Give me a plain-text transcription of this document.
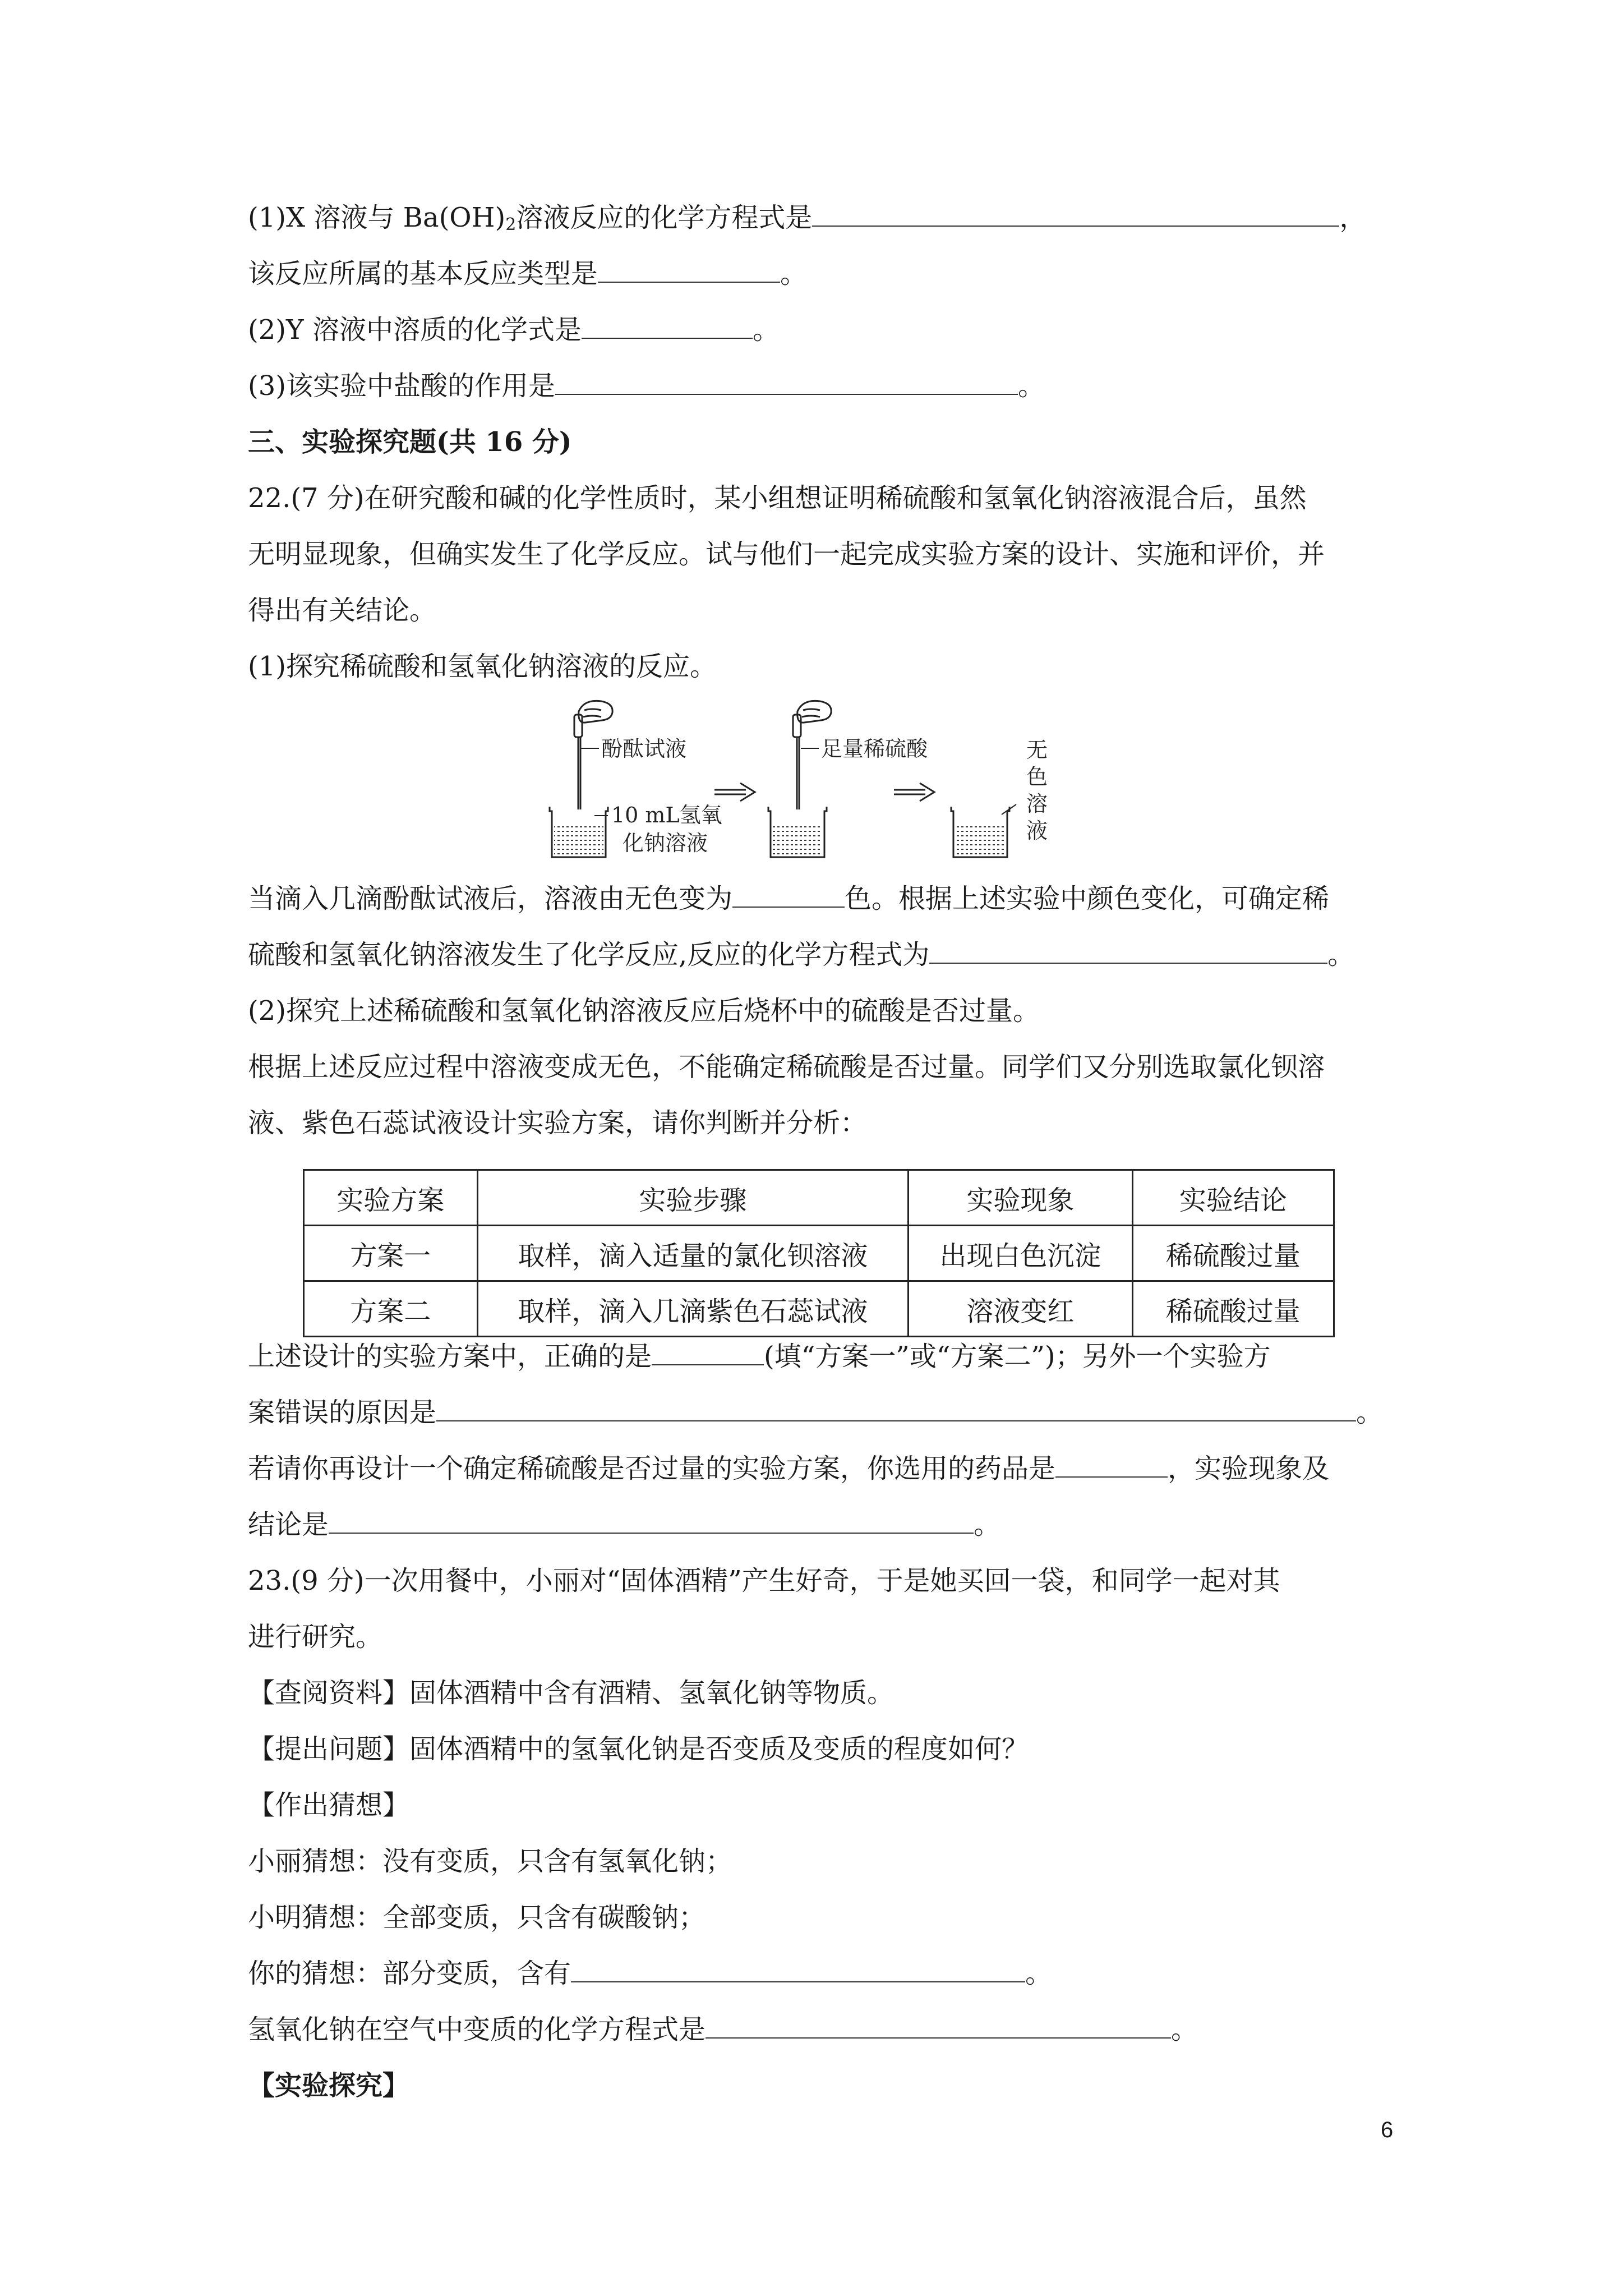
(1)X 溶液与 $Ba(OH)_2$溶液反应的化学方程式是	，
该反应所属的基本反应类型是	。
(2)Y 溶液中溶质的化学式是	。
(3)该实验中盐酸的作用是	。
三、实验探究题(共 16 分)
22.(7 分)在研究酸和碱的化学性质时，某小组想证明稀硫酸和氢氧化钠溶液混合后，虽然
无明显现象，但确实发生了化学反应。试与他们一起完成实验方案的设计、实施和评价，并
得出有关结论。
(1)探究稀硫酸和氢氧化钠溶液的反应。
酚酞试液
10 mL氢氧
化钠溶液
足量稀硫酸	无
色
溶
液
当滴入几滴酚酞试液后，溶液由无色变为	色。根据上述实验中颜色变化，可确定稀
硫酸和氢氧化钠溶液发生了化学反应,反应的化学方程式为	。
(2)探究上述稀硫酸和氢氧化钠溶液反应后烧杯中的硫酸是否过量。
根据上述反应过程中溶液变成无色，不能确定稀硫酸是否过量。同学们又分别选取氯化钡溶
液、紫色石蕊试液设计实验方案，请你判断并分析：
实验方案	实验步骤	实验现象	实验结论
方案一	取样，滴入适量的氯化钡溶液	出现白色沉淀	稀硫酸过量
方案二	取样，滴入几滴紫色石蕊试液	溶液变红	稀硫酸过量
上述设计的实验方案中，正确的是	(填“方案一”或“方案二”)；另外一个实验方
案错误的原因是	。
若请你再设计一个确定稀硫酸是否过量的实验方案，你选用的药品是	，实验现象及
结论是	。
23.(9 分)一次用餐中，小丽对“固体酒精”产生好奇，于是她买回一袋，和同学一起对其
进行研究。
【查阅资料】固体酒精中含有酒精、氢氧化钠等物质。
【提出问题】固体酒精中的氢氧化钠是否变质及变质的程度如何？
【作出猜想】
小丽猜想：没有变质，只含有氢氧化钠；
小明猜想：全部变质，只含有碳酸钠；
你的猜想：部分变质，含有	。
氢氧化钠在空气中变质的化学方程式是	。
【实验探究】
6
